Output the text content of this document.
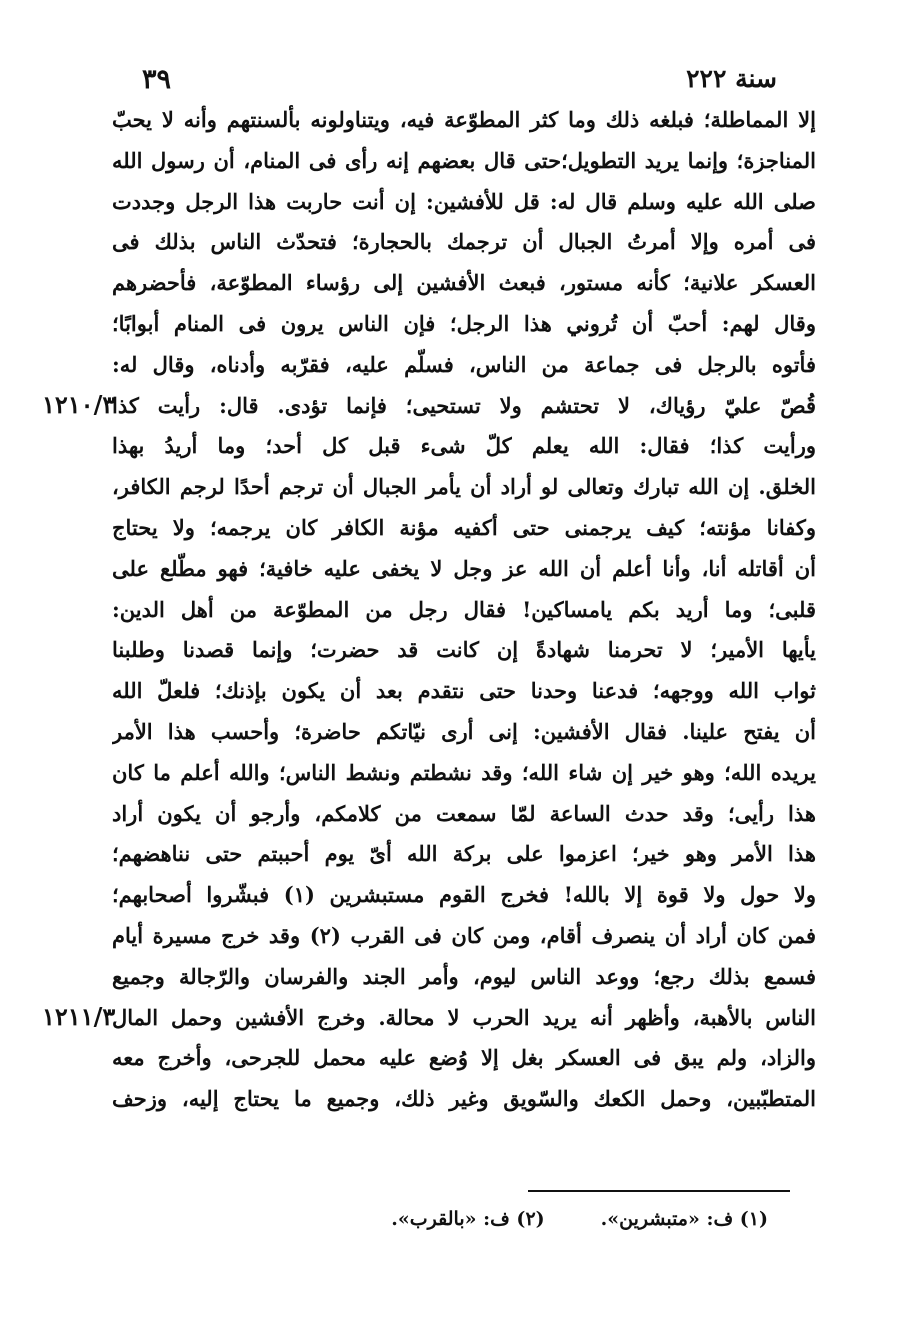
سنة ٢٢٢
٣٩
إلا المماطلة؛ فبلغه ذلك وما كثر المطوّعة فيه، ويتناولونه بألسنتهم وأنه لا يحبّ
المناجزة؛ وإنما يريد التطويل؛حتى قال بعضهم إنه رأى فى المنام، أن رسول الله
صلى الله عليه وسلم قال له: قل للأفشين: إن أنت حاربت هذا الرجل وجددت
فى أمره وإلا أمرتُ الجبال أن ترجمك بالحجارة؛ فتحدّث الناس بذلك فى
العسكر علانية؛ كأنه مستور، فبعث الأفشين إلى رؤساء المطوّعة، فأحضرهم
وقال لهم: أحبّ أن تُروني هذا الرجل؛ فإن الناس يرون فى المنام أبوابًا؛
فأتوه بالرجل فى جماعة من الناس، فسلّم عليه، فقرّبه وأدناه، وقال له:
قُصّ عليّ رؤياك، لا تحتشم ولا تستحيى؛ فإنما تؤدى. قال: رأيت كذا
ورأيت كذا؛ فقال: الله يعلم كلّ شىء قبل كل أحد؛ وما أريدُ بهذا
الخلق. إن الله تبارك وتعالى لو أراد أن يأمر الجبال أن ترجم أحدًا لرجم الكافر،
وكفانا مؤنته؛ كيف يرجمنى حتى أكفيه مؤنة الكافر كان يرجمه؛ ولا يحتاج
أن أقاتله أنا، وأنا أعلم أن الله عز وجل لا يخفى عليه خافية؛ فهو مطّلع على
قلبى؛ وما أريد بكم يامساكين! فقال رجل من المطوّعة من أهل الدين:
يأيها الأمير؛ لا تحرمنا شهادةً إن كانت قد حضرت؛ وإنما قصدنا وطلبنا
ثواب الله ووجهه؛ فدعنا وحدنا حتى نتقدم بعد أن يكون بإذنك؛ فلعلّ الله
أن يفتح علينا. فقال الأفشين: إنى أرى نيّاتكم حاضرة؛ وأحسب هذا الأمر
يريده الله؛ وهو خير إن شاء الله؛ وقد نشطتم ونشط الناس؛ والله أعلم ما كان
هذا رأيى؛ وقد حدث الساعة لمّا سمعت من كلامكم، وأرجو أن يكون أراد
هذا الأمر وهو خير؛ اعزموا على بركة الله أىّ يوم أحببتم حتى نناهضهم؛
ولا حول ولا قوة إلا بالله! فخرج القوم مستبشرين (١) فبشّروا أصحابهم؛
فمن كان أراد أن ينصرف أقام، ومن كان فى القرب (٢) وقد خرج مسيرة أيام
فسمع بذلك رجع؛ ووعد الناس ليوم، وأمر الجند والفرسان والرّجالة وجميع
الناس بالأهبة، وأظهر أنه يريد الحرب لا محالة. وخرج الأفشين وحمل المال
والزاد، ولم يبق فى العسكر بغل إلا وُضع عليه محمل للجرحى، وأخرج معه
المتطبّبين، وحمل الكعك والسّويق وغير ذلك، وجميع ما يحتاج إليه، وزحف
١٢١٠/٣
١٢١١/٣
(١) ف: «متبشرين».
(٢) ف: «بالقرب».
